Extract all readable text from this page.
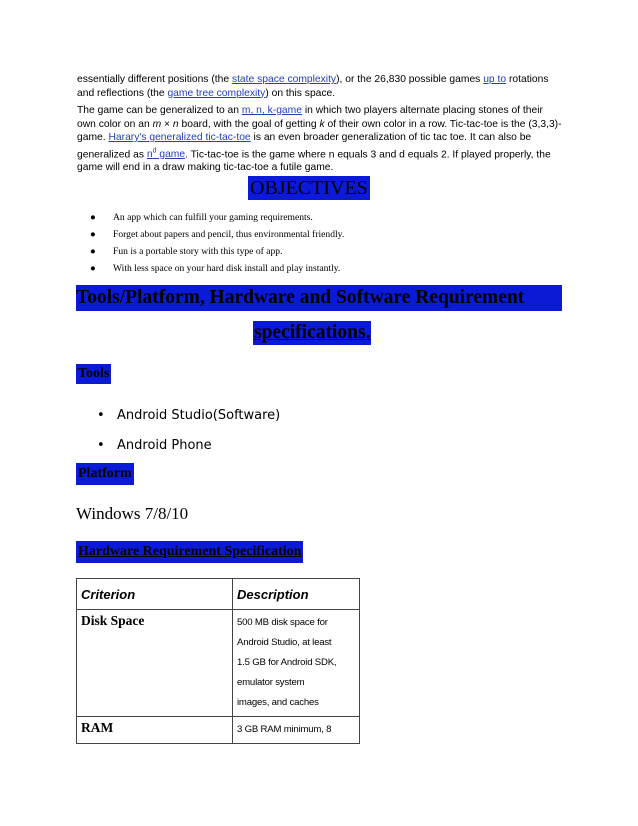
essentially different positions (the state space complexity), or the 26,830 possible games up to rotations and reflections (the game tree complexity) on this space.
The game can be generalized to an m, n, k-game in which two players alternate placing stones of their own color on an m × n board, with the goal of getting k of their own color in a row. Tic-tac-toe is the (3,3,3)-game. Harary's generalized tic-tac-toe is an even broader generalization of tic tac toe. It can also be generalized as $n^d$ game. Tic-tac-toe is the game where n equals 3 and d equals 2. If played properly, the game will end in a draw making tic-tac-toe a futile game.
OBJECTIVES
● An app which can fulfill your gaming requirements.
● Forget about papers and pencil, thus environmental friendly.
● Fun is a portable story with this type of app.
● With less space on your hard disk install and play instantly.
Tools/Platform, Hardware and Software Requirement
specifications.
Tools
• Android Studio(Software)
• Android Phone
Platform
Windows 7/8/10
Hardware Requirement Specification
Criterion	Description
Disk Space	500 MB disk space for
Android Studio, at least
1.5 GB for Android SDK,
emulator system
images, and caches

RAM	3 GB RAM minimum, 8
